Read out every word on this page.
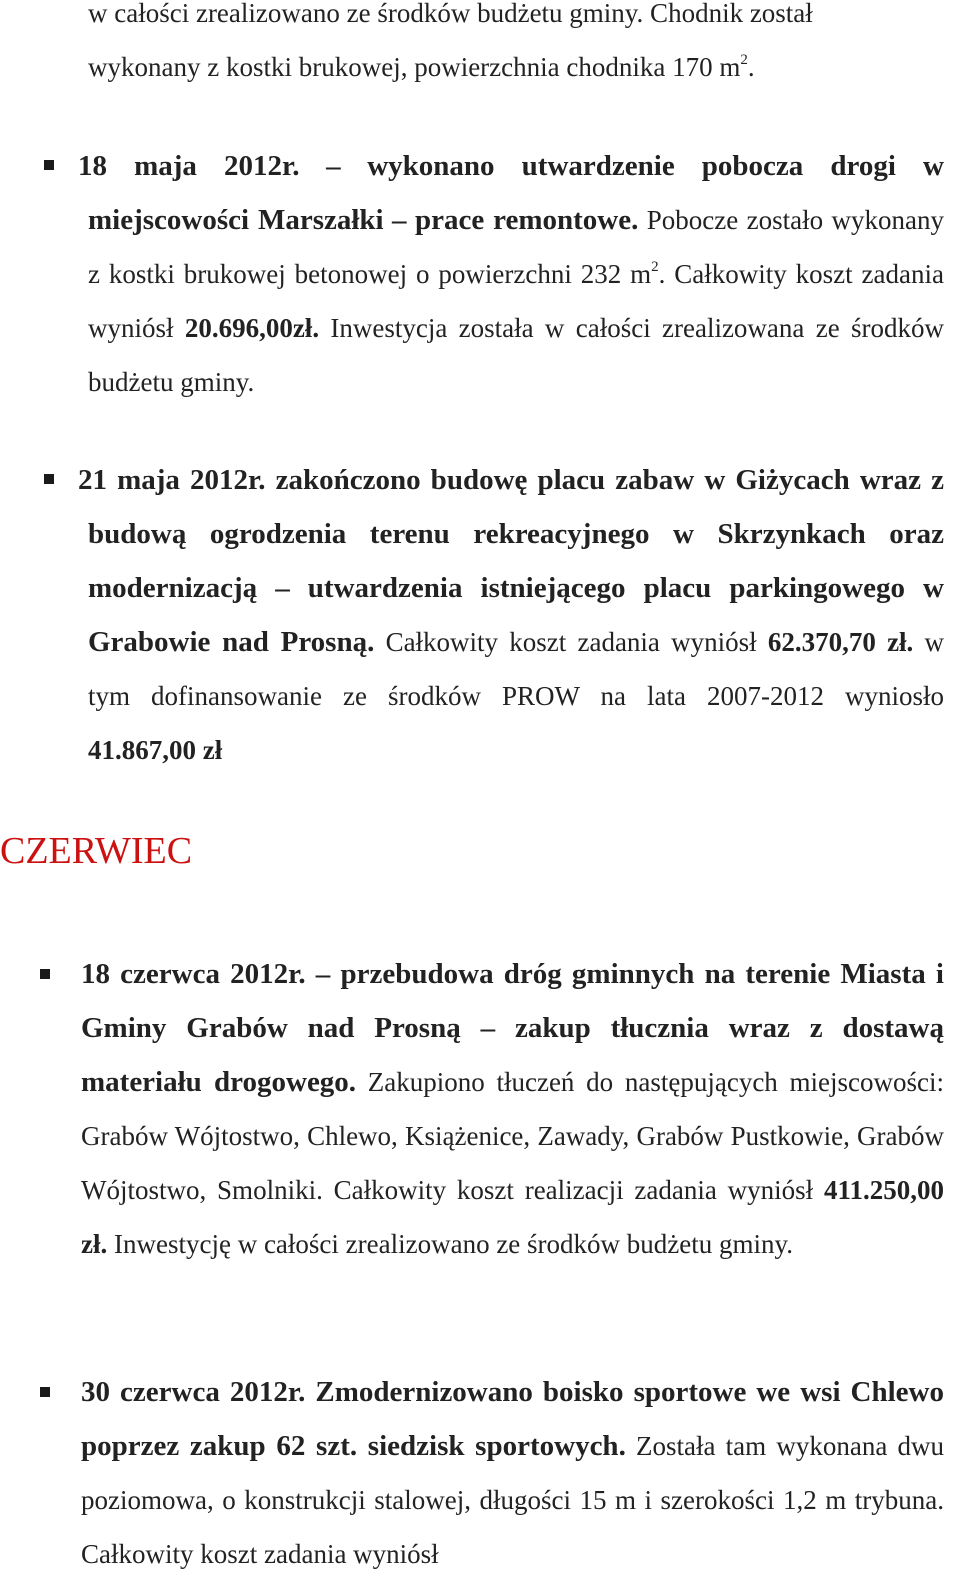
w całości zrealizowano ze środków budżetu gminy. Chodnik został
wykonany z kostki brukowej, powierzchnia chodnika 170 $m^2$.
18 maja 2012r. – wykonano utwardzenie pobocza drogi w miejscowości Marszałki – prace remontowe. Pobocze zostało wykonany z kostki brukowej betonowej o powierzchni 232 $m^2$. Całkowity koszt zadania wyniósł 20.696,00zł. Inwestycja została w całości zrealizowana ze środków budżetu gminy.
21 maja 2012r. zakończono budowę placu zabaw w Giżycach wraz z budową ogrodzenia terenu rekreacyjnego w Skrzynkach oraz modernizacją – utwardzenia istniejącego placu parkingowego w Grabowie nad Prosną. Całkowity koszt zadania wyniósł 62.370,70 zł. w tym dofinansowanie ze środków PROW na lata 2007-2012 wyniosło 41.867,00 zł
CZERWIEC
18 czerwca 2012r. – przebudowa dróg gminnych na terenie Miasta i Gminy Grabów nad Prosną – zakup tłucznia wraz z dostawą materiału drogowego. Zakupiono tłuczeń do następujących miejscowości: Grabów Wójtostwo, Chlewo, Książenice, Zawady, Grabów Pustkowie, Grabów Wójtostwo, Smolniki. Całkowity koszt realizacji zadania wyniósł 411.250,00 zł. Inwestycję w całości zrealizowano ze środków budżetu gminy.
30 czerwca 2012r. Zmodernizowano boisko sportowe we wsi Chlewo poprzez zakup 62 szt. siedzisk sportowych. Została tam wykonana dwu poziomowa, o konstrukcji stalowej, długości 15 m i szerokości 1,2 m trybuna. Całkowity koszt zadania wyniósł
